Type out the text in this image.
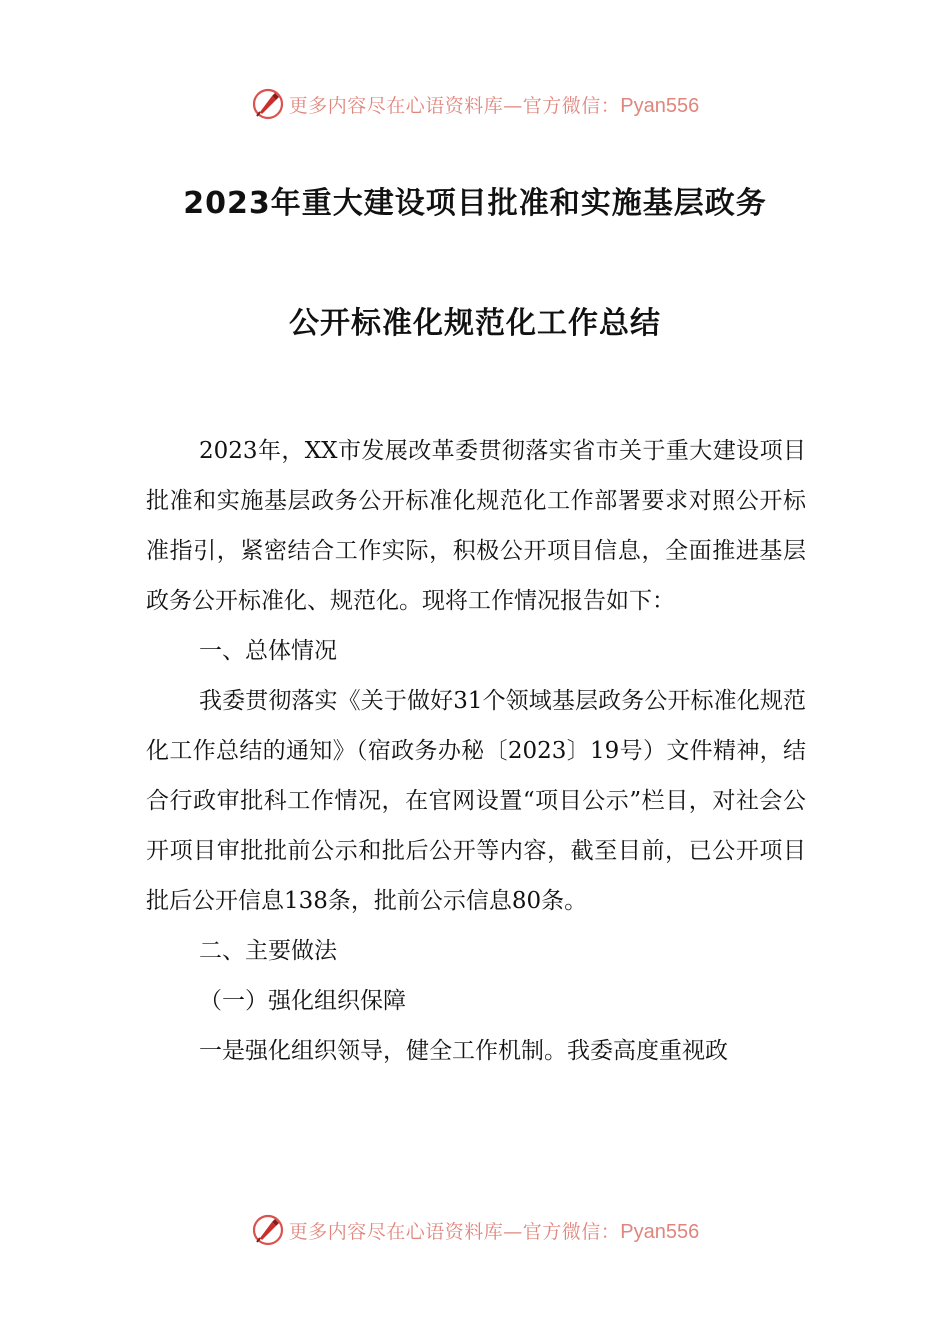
更多内容尽在心语资料库—官方微信：Pyan556
2023年重大建设项目批准和实施基层政务
公开标准化规范化工作总结

2023年，XX市发展改革委贯彻落实省市关于重大建设项目批准和实施基层政务公开标准化规范化工作部署要求对照公开标准指引，紧密结合工作实际，积极公开项目信息，全面推进基层政务公开标准化、规范化。现将工作情况报告如下：

一、总体情况

我委贯彻落实《关于做好31个领域基层政务公开标准化规范化工作总结的通知》（宿政务办秘〔2023〕19号）文件精神，结合行政审批科工作情况，在官网设置“项目公示”栏目，对社会公开项目审批批前公示和批后公开等内容，截至目前，已公开项目批后公开信息138条，批前公示信息80条。

二、主要做法

（一）强化组织保障

一是强化组织领导，健全工作机制。我委高度重视政

更多内容尽在心语资料库—官方微信：Pyan556
